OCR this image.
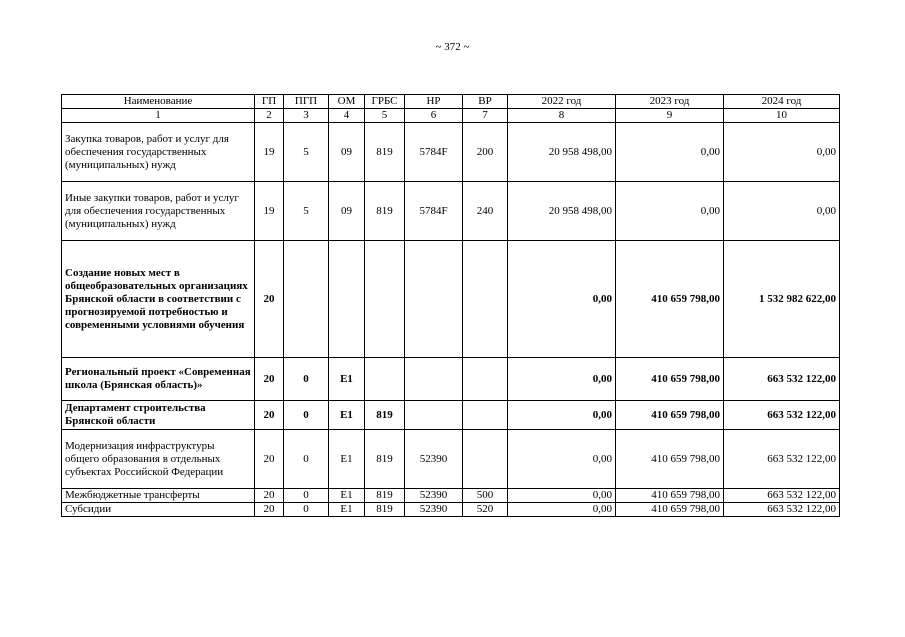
~ 372 ~
Наименование	ГП	ПГП	ОМ	ГРБС	НР	ВР	2022 год	2023 год	2024 год
1	2	3	4	5	6	7	8	9	10
Закупка товаров, работ и услуг для обеспечения государственных (муниципальных) нужд	19	5	09	819	5784F	200	20 958 498,00	0,00	0,00
Иные закупки товаров, работ и услуг для обеспечения государственных (муниципальных) нужд	19	5	09	819	5784F	240	20 958 498,00	0,00	0,00
Создание новых мест в общеобразовательных организациях Брянской области в соответствии с прогнозируемой потребностью и современными условиями обучения	20						0,00	410 659 798,00	1 532 982 622,00
Региональный проект «Современная школа (Брянская область)»	20	0	E1				0,00	410 659 798,00	663 532 122,00
Департамент строительства Брянской области	20	0	E1	819			0,00	410 659 798,00	663 532 122,00
Модернизация инфраструктуры общего образования в отдельных субъектах Российской Федерации	20	0	E1	819	52390		0,00	410 659 798,00	663 532 122,00
Межбюджетные трансферты	20	0	E1	819	52390	500	0,00	410 659 798,00	663 532 122,00
Субсидии	20	0	E1	819	52390	520	0,00	410 659 798,00	663 532 122,00
